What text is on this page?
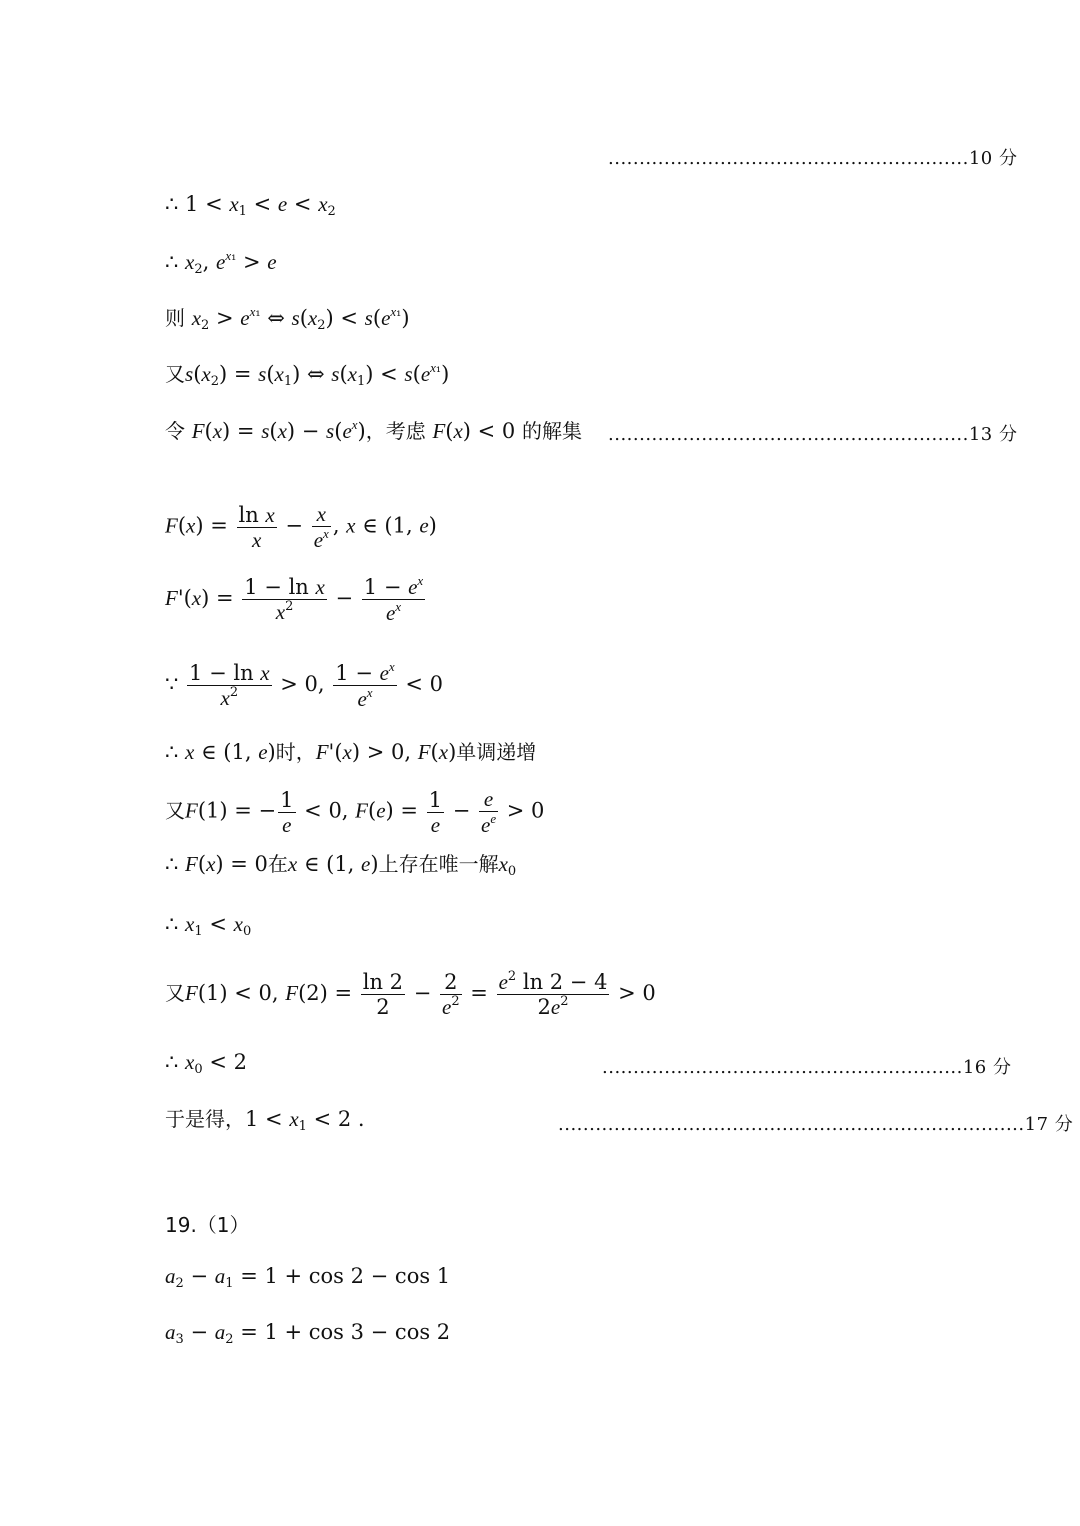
..........................................................10 分
..........................................................13 分
..........................................................16 分
...........................................................................17 分
∴ $1 < x_1 < e < x_2$
∴ $x_2$, $e^{x_1} > e$
则 $x_2 > e^{x_1}$ ⇔ $s(x_2) < s(e^{x_1})$
又$s(x_2) = s(x_1)$ ⇔ $s(x_1) < s(e^{x_1})$
令 $F(x) = s(x) - s(e^x)$，考虑 F(x) < 0 的解集
$F(x) = \frac{\text{ln x}}{x} - \frac{x}{e^x}$ , x ∈ (1, e)
$F'(x) = \frac{\text{1 − ln x}}{x^2} - \frac{1 - e^x}{e^x}$
∵ $\frac{\text{1 − ln x}}{x^2} > 0$, $\frac{1 - e^x}{e^x} < 0$
∴ x ∈ (1, e)时，F'(x) > 0, F(x)单调递增
又F(1) = − $\frac{1}{e} < 0$, $F(e) = \frac{1}{e} - \frac{e}{e^e} > 0$
∴ F(x) = 0在x ∈ (1, e)上存在唯一解$x_0$
∴ $x_1 < x_0$
又F(1) < 0, $F(2) = \frac{\ln 2}{2} - \frac{2}{e^2} = \frac{e^2 \ln 2 - 4}{2e^2} > 0$
∴ $x_0 < 2$
于是得，$1 < x_1 < 2$ .
19.（1）
$a_2 - a_1 = 1 + \cos 2 - \cos 1$
$a_3 - a_2 = 1 + \cos 3 - \cos 2$
